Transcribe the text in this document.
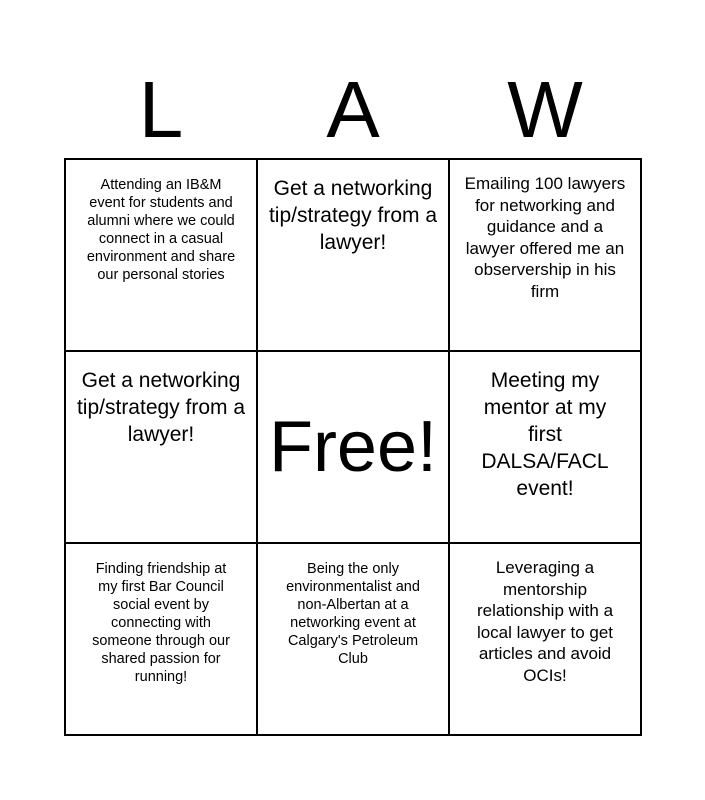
L	A	W
Attending an IB&M event for students and alumni where we could connect in a casual environment and share our personal stories
Get a networking tip/strategy from a lawyer!
Emailing 100 lawyers for networking and guidance and a lawyer offered me an observership in his firm
Get a networking tip/strategy from a lawyer!	Free!
Meeting my mentor at my first DALSA/FACL event!
Finding friendship at my first Bar Council social event by connecting with someone through our shared passion for running!
Being the only environmentalist and non-Albertan at a networking event at Calgary's Petroleum Club
Leveraging a mentorship relationship with a local lawyer to get articles and avoid OCIs!
